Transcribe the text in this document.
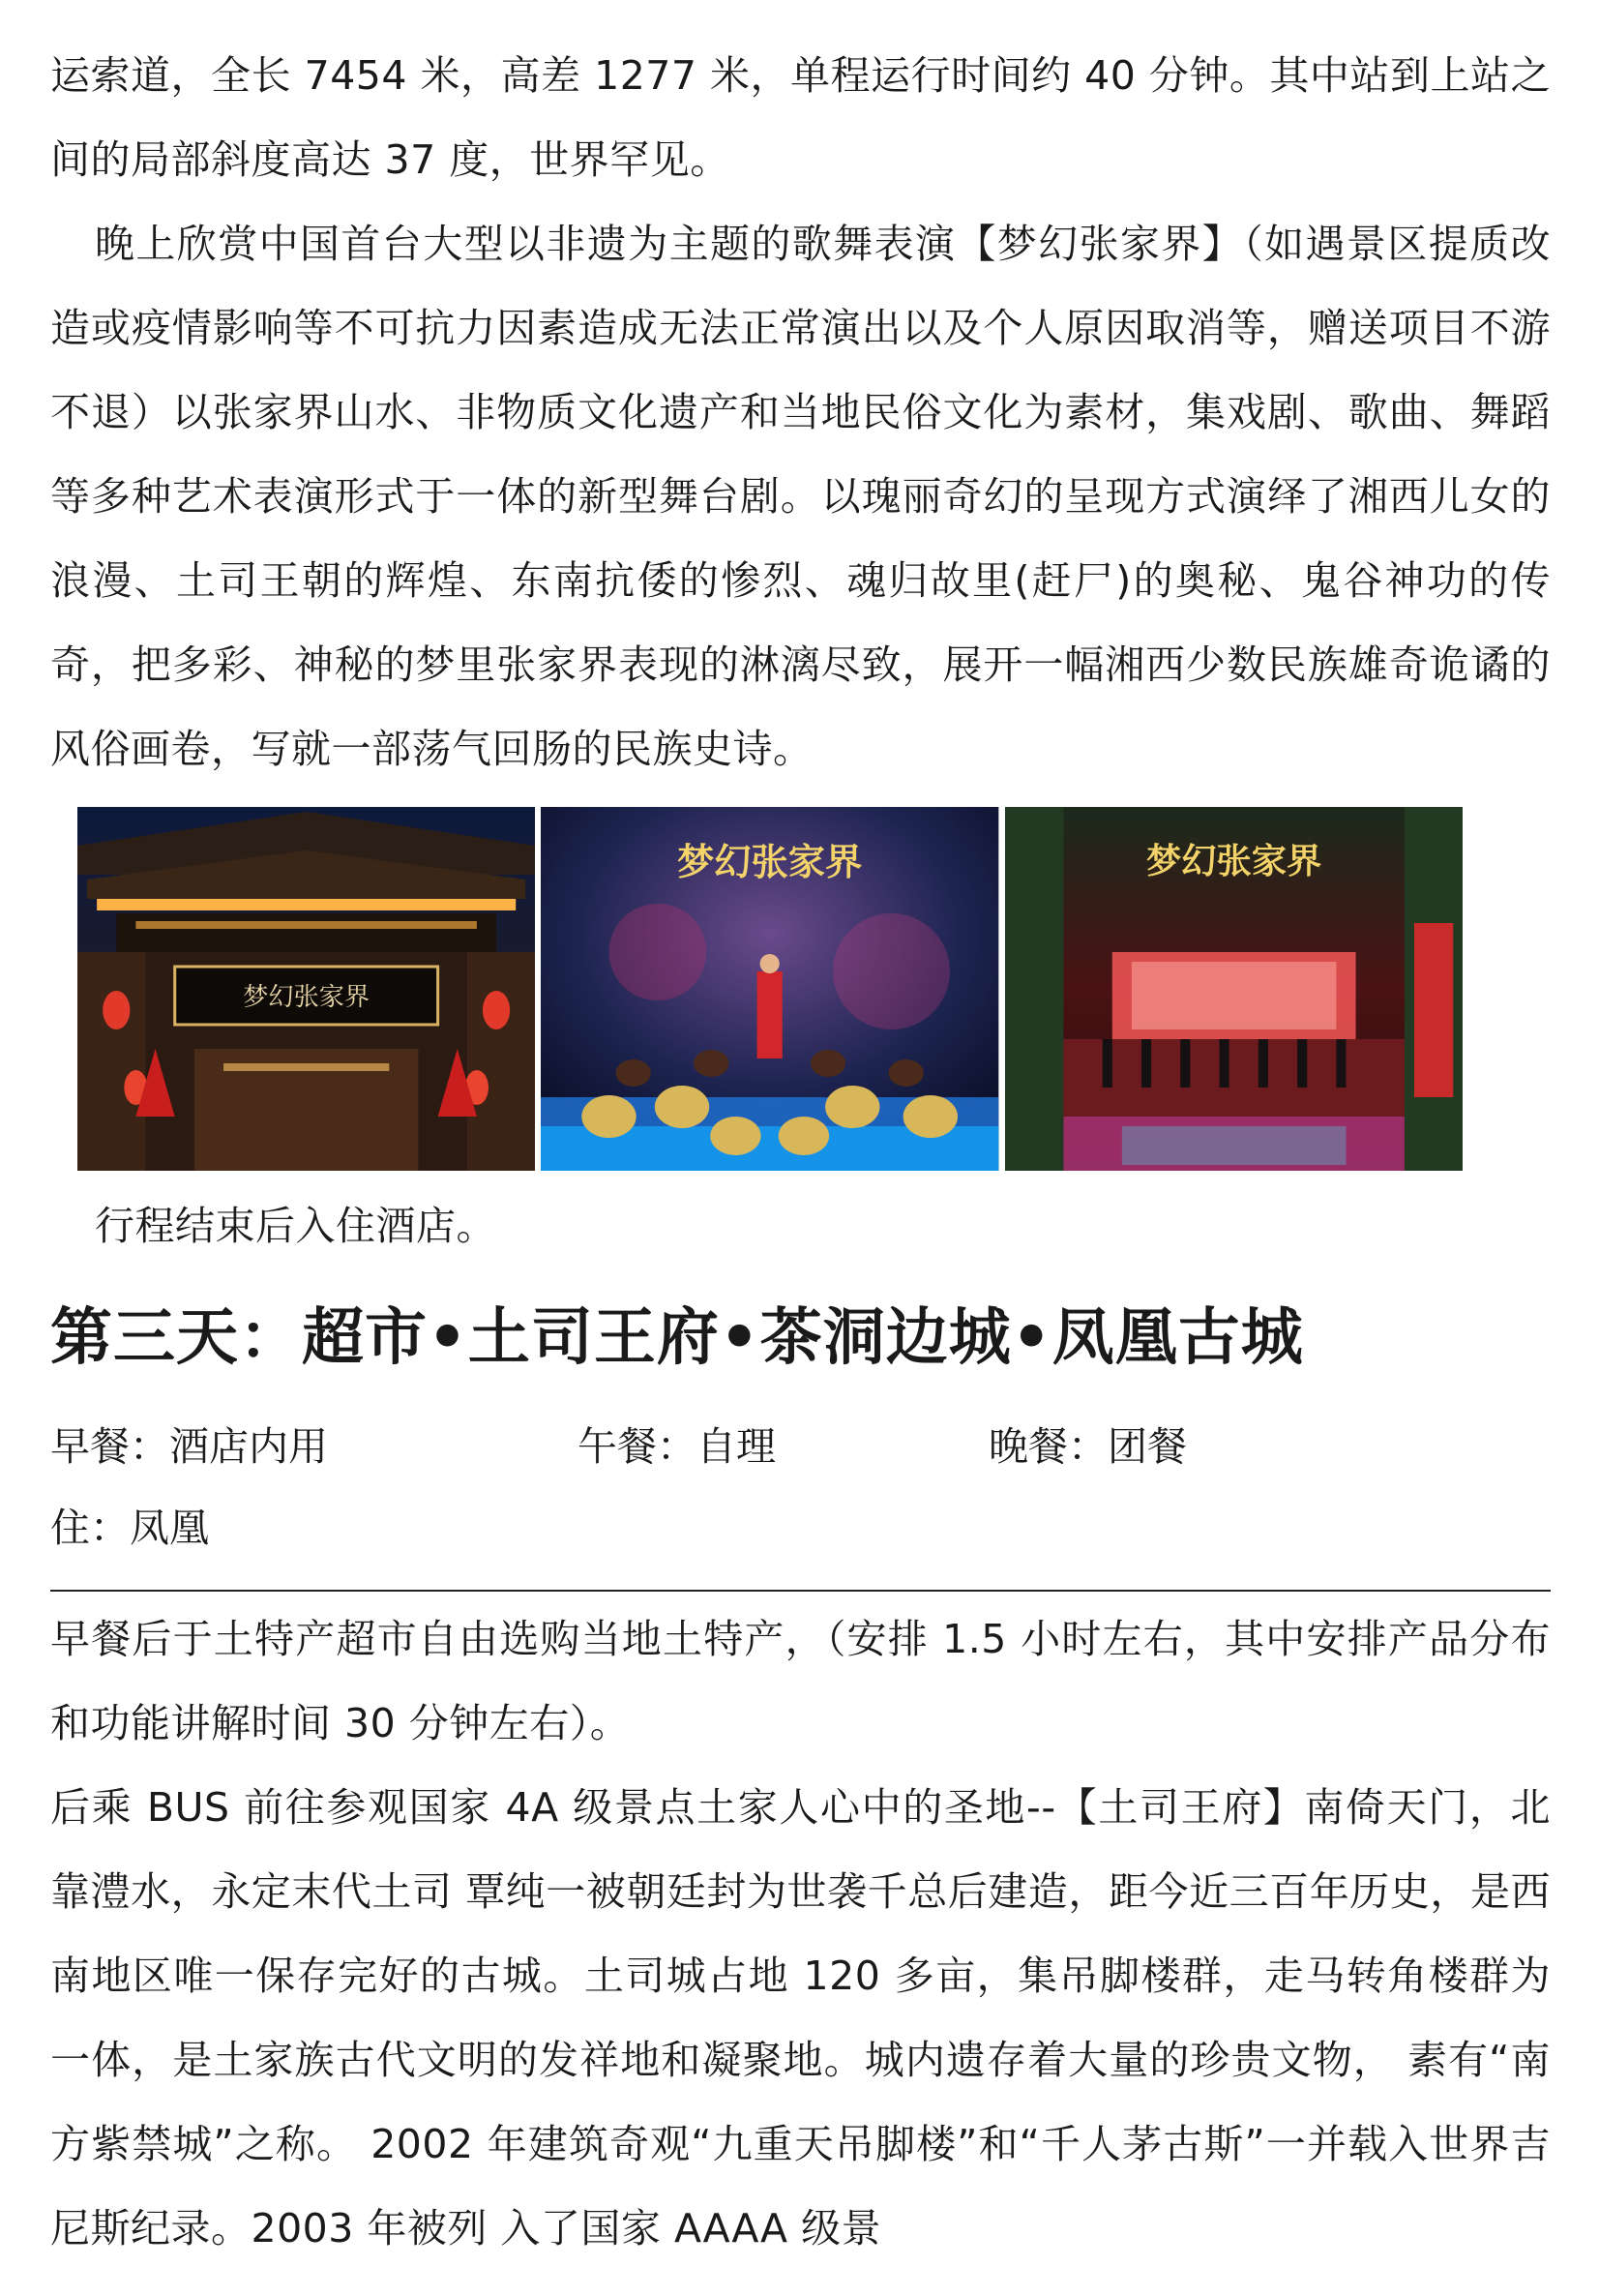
运索道，全长 7454 米，高差 1277 米，单程运行时间约 40 分钟。其中站到上站之间的局部斜度高达 37 度，世界罕见。

晚上欣赏中国首台大型以非遗为主题的歌舞表演【梦幻张家界】（如遇景区提质改造或疫情影响等不可抗力因素造成无法正常演出以及个人原因取消等，赠送项目不游不退）以张家界山水、非物质文化遗产和当地民俗文化为素材，集戏剧、歌曲、舞蹈等多种艺术表演形式于一体的新型舞台剧。以瑰丽奇幻的呈现方式演绎了湘西儿女的浪漫、土司王朝的辉煌、东南抗倭的惨烈、魂归故里(赶尸)的奥秘、鬼谷神功的传奇，把多彩、神秘的梦里张家界表现的淋漓尽致，展开一幅湘西少数民族雄奇诡谲的风俗画卷，写就一部荡气回肠的民族史诗。

梦幻张家界
梦幻张家界	梦幻张家界

行程结束后入住酒店。

第三天：超市•土司王府•茶洞边城•凤凰古城
早餐：酒店内用	午餐：自理	晚餐：团餐

住：凤凰

早餐后于土特产超市自由选购当地土特产，（安排 1.5 小时左右，其中安排产品分布和功能讲解时间 30 分钟左右）。

后乘 BUS 前往参观国家 4A 级景点土家人心中的圣地--【土司王府】南倚天门，北靠澧水，永定末代土司 覃纯一被朝廷封为世袭千总后建造，距今近三百年历史，是西南地区唯一保存完好的古城。土司城占地 120 多亩，集吊脚楼群，走马转角楼群为一体，是土家族古代文明的发祥地和凝聚地。城内遗存着大量的珍贵文物， 素有“南 方紫禁城”之称。 2002 年建筑奇观“九重天吊脚楼”和“千人茅古斯”一并载入世界吉尼斯纪录。2003 年被列 入了国家 AAAA 级景
